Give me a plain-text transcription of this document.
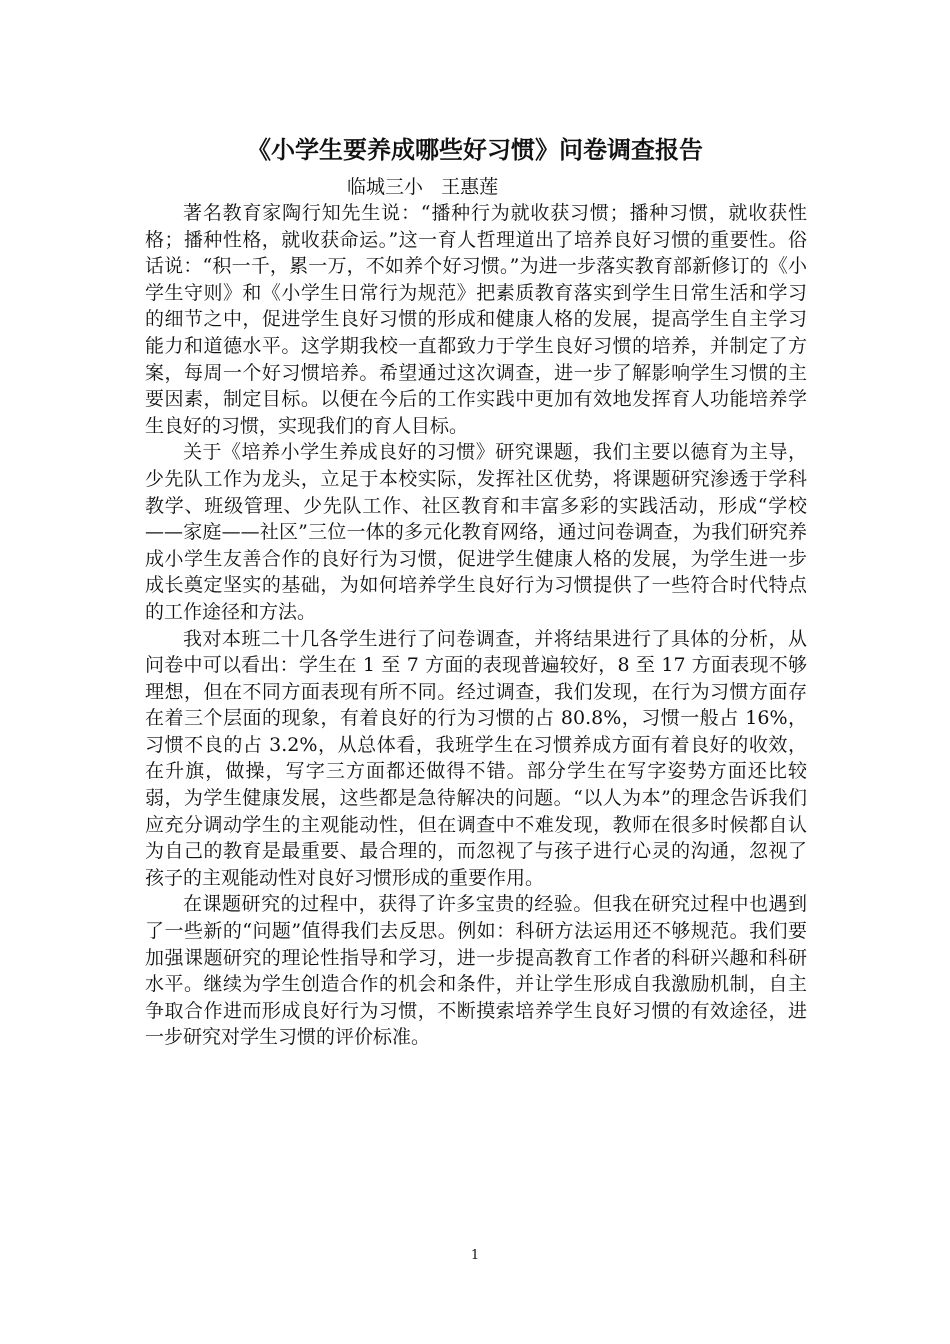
《小学生要养成哪些好习惯》问卷调查报告
临城三小   王惠莲

著名教育家陶行知先生说：“播种行为就收获习惯；播种习惯，就收获性格；播种性格，就收获命运。”这一育人哲理道出了培养良好习惯的重要性。俗话说：“积一千，累一万，不如养个好习惯。”为进一步落实教育部新修订的《小学生守则》和《小学生日常行为规范》把素质教育落实到学生日常生活和学习的细节之中，促进学生良好习惯的形成和健康人格的发展，提高学生自主学习能力和道德水平。这学期我校一直都致力于学生良好习惯的培养，并制定了方案，每周一个好习惯培养。希望通过这次调查，进一步了解影响学生习惯的主要因素，制定目标。以便在今后的工作实践中更加有效地发挥育人功能培养学生良好的习惯，实现我们的育人目标。

关于《培养小学生养成良好的习惯》研究课题，我们主要以德育为主导，少先队工作为龙头，立足于本校实际，发挥社区优势，将课题研究渗透于学科教学、班级管理、少先队工作、社区教育和丰富多彩的实践活动，形成“学校——家庭——社区”三位一体的多元化教育网络，通过问卷调查，为我们研究养成小学生友善合作的良好行为习惯，促进学生健康人格的发展，为学生进一步成长奠定坚实的基础，为如何培养学生良好行为习惯提供了一些符合时代特点的工作途径和方法。

我对本班二十几各学生进行了问卷调查，并将结果进行了具体的分析，从问卷中可以看出：学生在 1 至 7 方面的表现普遍较好，8 至 17 方面表现不够理想，但在不同方面表现有所不同。经过调查，我们发现，在行为习惯方面存在着三个层面的现象，有着良好的行为习惯的占 80.8%，习惯一般占 16%，习惯不良的占 3.2%，从总体看，我班学生在习惯养成方面有着良好的收效，在升旗，做操，写字三方面都还做得不错。部分学生在写字姿势方面还比较弱，为学生健康发展，这些都是急待解决的问题。“以人为本”的理念告诉我们应充分调动学生的主观能动性，但在调查中不难发现，教师在很多时候都自认为自己的教育是最重要、最合理的，而忽视了与孩子进行心灵的沟通，忽视了孩子的主观能动性对良好习惯形成的重要作用。

在课题研究的过程中，获得了许多宝贵的经验。但我在研究过程中也遇到了一些新的“问题”值得我们去反思。例如：科研方法运用还不够规范。我们要加强课题研究的理论性指导和学习，进一步提高教育工作者的科研兴趣和科研水平。继续为学生创造合作的机会和条件，并让学生形成自我激励机制，自主争取合作进而形成良好行为习惯，不断摸索培养学生良好习惯的有效途径，进一步研究对学生习惯的评价标准。

1
